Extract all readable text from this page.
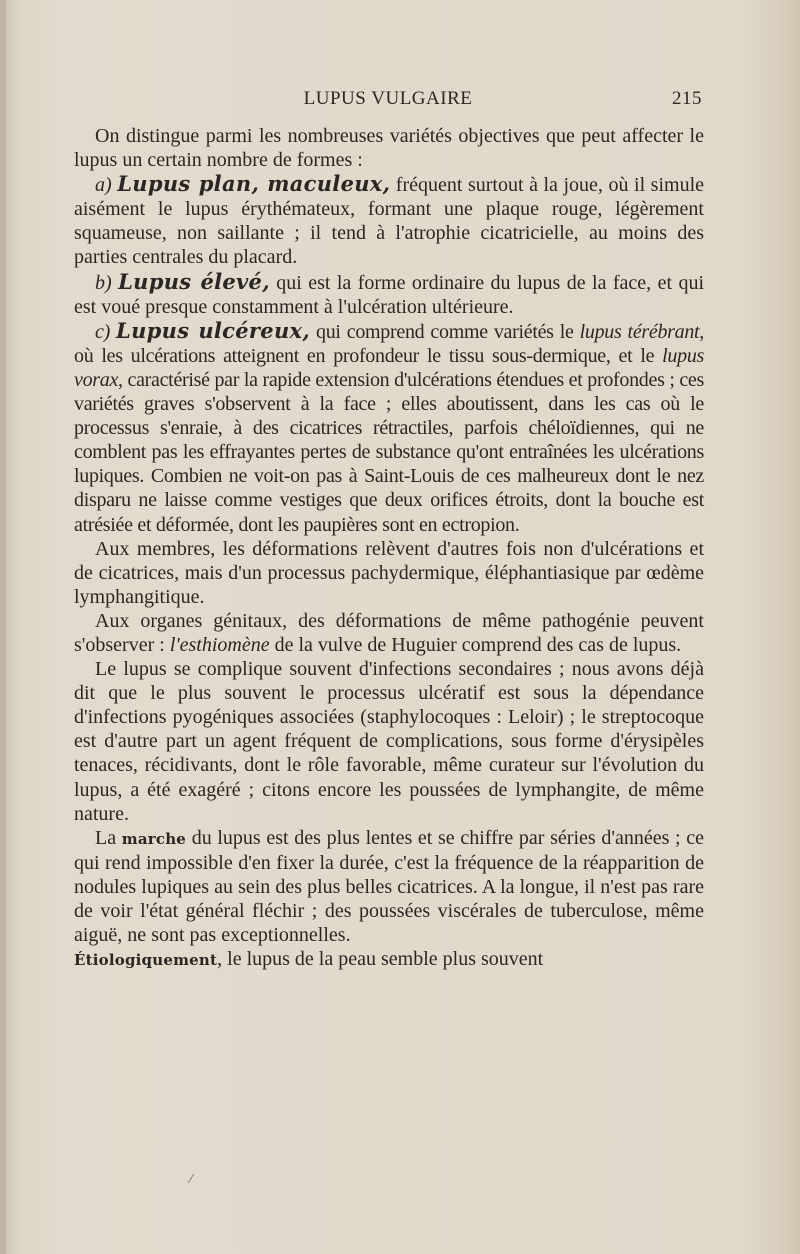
LUPUS VULGAIRE	215

On distingue parmi les nombreuses variétés objectives que peut affecter le lupus un certain nombre de formes :

a) Lupus plan, maculeux, fréquent surtout à la joue, où il simule aisément le lupus érythémateux, formant une plaque rouge, légèrement squameuse, non saillante ; il tend à l'atrophie cicatricielle, au moins des parties centrales du placard.

b) Lupus élevé, qui est la forme ordinaire du lupus de la face, et qui est voué presque constamment à l'ulcération ultérieure.

c) Lupus ulcéreux, qui comprend comme variétés le lupus térébrant, où les ulcérations atteignent en profondeur le tissu sous-dermique, et le lupus vorax, caractérisé par la rapide extension d'ulcérations étendues et profondes ; ces variétés graves s'observent à la face ; elles aboutissent, dans les cas où le processus s'enraie, à des cicatrices rétractiles, parfois chéloïdiennes, qui ne comblent pas les effrayantes pertes de substance qu'ont entraînées les ulcérations lupiques. Combien ne voit-on pas à Saint-Louis de ces malheureux dont le nez disparu ne laisse comme vestiges que deux orifices étroits, dont la bouche est atrésiée et déformée, dont les paupières sont en ectropion.

Aux membres, les déformations relèvent d'autres fois non d'ulcérations et de cicatrices, mais d'un processus pachydermique, éléphantiasique par œdème lymphangitique.

Aux organes génitaux, des déformations de même pathogénie peuvent s'observer : l'esthiomène de la vulve de Huguier comprend des cas de lupus.

Le lupus se complique souvent d'infections secondaires ; nous avons déjà dit que le plus souvent le processus ulcératif est sous la dépendance d'infections pyogéniques associées (staphylocoques : Leloir) ; le streptocoque est d'autre part un agent fréquent de complications, sous forme d'érysipèles tenaces, récidivants, dont le rôle favorable, même curateur sur l'évolution du lupus, a été exagéré ; citons encore les poussées de lymphangite, de même nature.

La marche du lupus est des plus lentes et se chiffre par séries d'années ; ce qui rend impossible d'en fixer la durée, c'est la fréquence de la réapparition de nodules lupiques au sein des plus belles cicatrices. A la longue, il n'est pas rare de voir l'état général fléchir ; des poussées viscérales de tuberculose, même aiguë, ne sont pas exceptionnelles.

Étiologiquement, le lupus de la peau semble plus souvent

⁄
